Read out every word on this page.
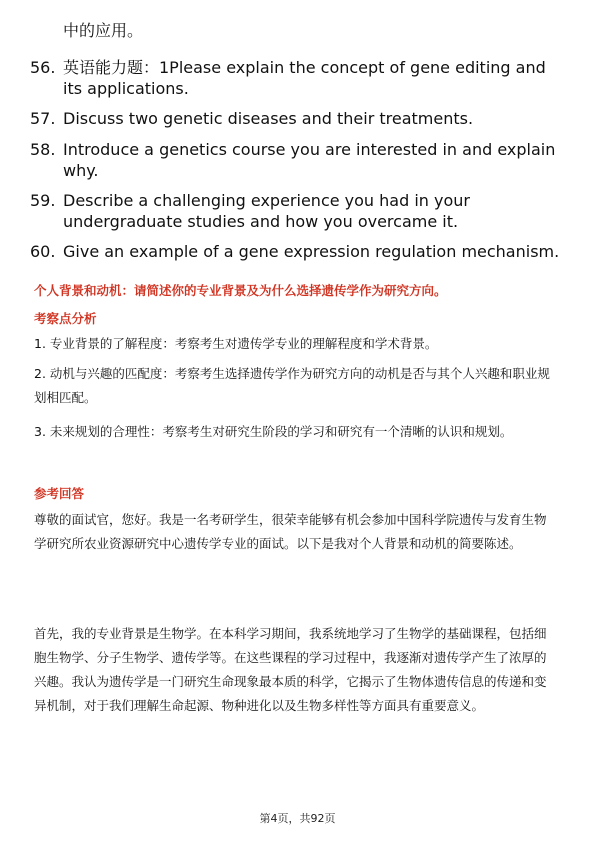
中的应用。
56. 英语能力题：1Please explain the concept of gene editing and its applications.
57. Discuss two genetic diseases and their treatments.
58. Introduce a genetics course you are interested in and explain why.
59. Describe a challenging experience you had in your undergraduate studies and how you overcame it.
60. Give an example of a gene expression regulation mechanism.
个人背景和动机：请简述你的专业背景及为什么选择遗传学作为研究方向。
考察点分析
1. 专业背景的了解程度：考察考生对遗传学专业的理解程度和学术背景。
2. 动机与兴趣的匹配度：考察考生选择遗传学作为研究方向的动机是否与其个人兴趣和职业规划相匹配。
3. 未来规划的合理性：考察考生对研究生阶段的学习和研究有一个清晰的认识和规划。
参考回答
尊敬的面试官，您好。我是一名考研学生，很荣幸能够有机会参加中国科学院遗传与发育生物学研究所农业资源研究中心遗传学专业的面试。以下是我对个人背景和动机的简要陈述。
首先，我的专业背景是生物学。在本科学习期间，我系统地学习了生物学的基础课程，包括细胞生物学、分子生物学、遗传学等。在这些课程的学习过程中，我逐渐对遗传学产生了浓厚的兴趣。我认为遗传学是一门研究生命现象最本质的科学，它揭示了生物体遗传信息的传递和变异机制，对于我们理解生命起源、物种进化以及生物多样性等方面具有重要意义。
第4页，共92页
